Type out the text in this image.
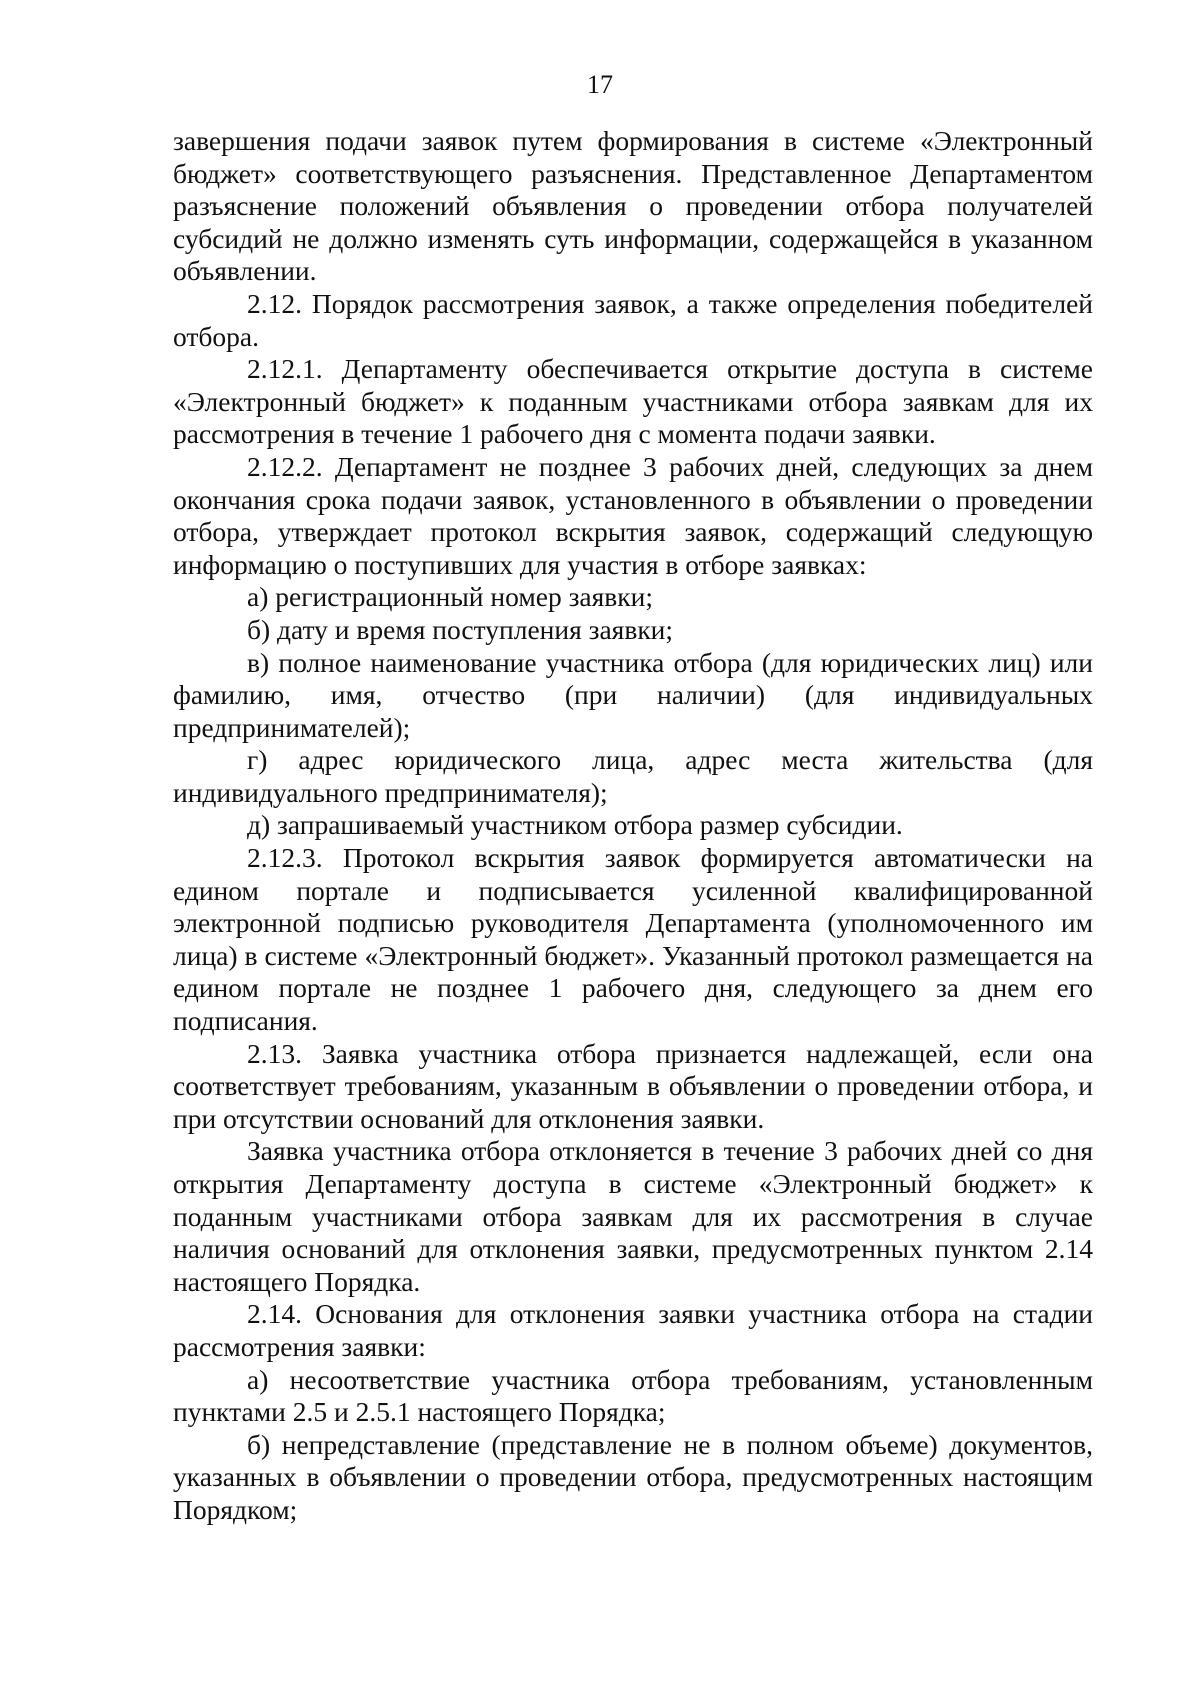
17

завершения подачи заявок путем формирования в системе «Электронный бюджет» соответствующего разъяснения. Представленное Департаментом разъяснение положений объявления о проведении отбора получателей субсидий не должно изменять суть информации, содержащейся в указанном объявлении.

2.12. Порядок рассмотрения заявок, а также определения победителей отбора.

2.12.1. Департаменту обеспечивается открытие доступа в системе «Электронный бюджет» к поданным участниками отбора заявкам для их рассмотрения в течение 1 рабочего дня с момента подачи заявки.

2.12.2. Департамент не позднее 3 рабочих дней, следующих за днем окончания срока подачи заявок, установленного в объявлении о проведении отбора, утверждает протокол вскрытия заявок, содержащий следующую информацию о поступивших для участия в отборе заявках:

а) регистрационный номер заявки;

б) дату и время поступления заявки;

в) полное наименование участника отбора (для юридических лиц) или фамилию, имя, отчество (при наличии) (для индивидуальных предпринимателей);

г) адрес юридического лица, адрес места жительства (для индивидуального предпринимателя);

д) запрашиваемый участником отбора размер субсидии.

2.12.3. Протокол вскрытия заявок формируется автоматически на едином портале и подписывается усиленной квалифицированной электронной подписью руководителя Департамента (уполномоченного им лица) в системе «Электронный бюджет». Указанный протокол размещается на едином портале не позднее 1 рабочего дня, следующего за днем его подписания.

2.13. Заявка участника отбора признается надлежащей, если она соответствует требованиям, указанным в объявлении о проведении отбора, и при отсутствии оснований для отклонения заявки.

Заявка участника отбора отклоняется в течение 3 рабочих дней со дня открытия Департаменту доступа в системе «Электронный бюджет» к поданным участниками отбора заявкам для их рассмотрения в случае наличия оснований для отклонения заявки, предусмотренных пунктом 2.14 настоящего Порядка.

2.14. Основания для отклонения заявки участника отбора на стадии рассмотрения заявки:

а) несоответствие участника отбора требованиям, установленным пунктами 2.5 и 2.5.1 настоящего Порядка;

б) непредставление (представление не в полном объеме) документов, указанных в объявлении о проведении отбора, предусмотренных настоящим Порядком;
